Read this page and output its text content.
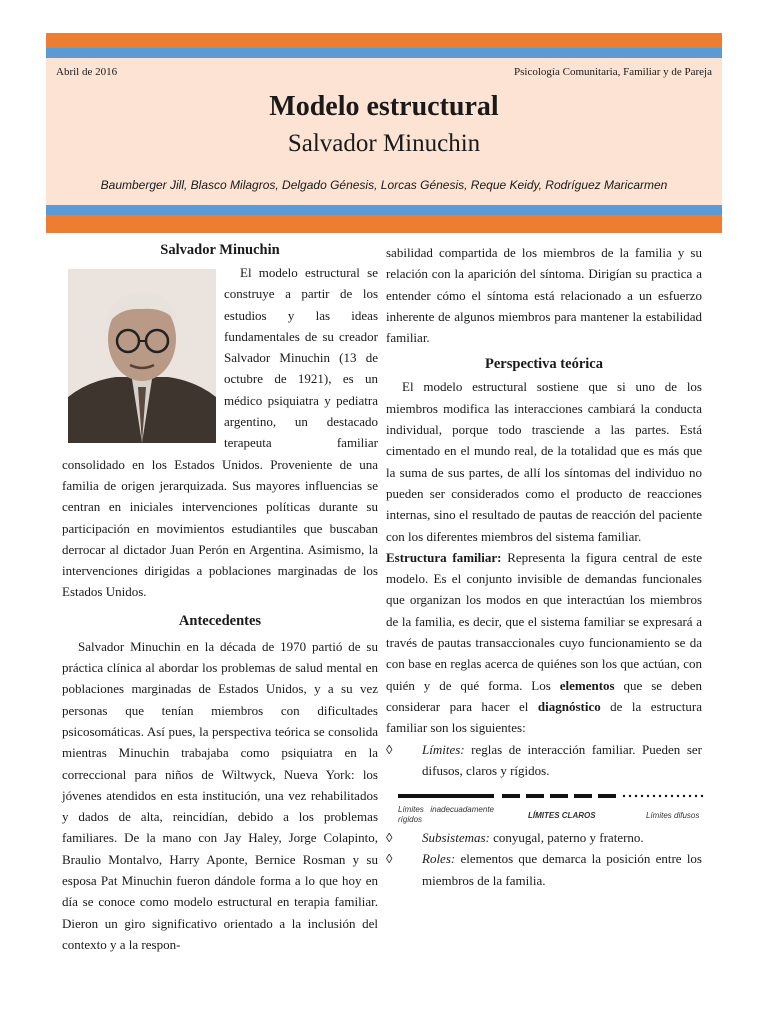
Abril de 2016	Psicología Comunitaria, Familiar y de Pareja
Modelo estructural
Salvador Minuchin
Baumberger Jill, Blasco Milagros, Delgado Génesis, Lorcas Génesis, Reque Keidy, Rodríguez Maricarmen
Salvador Minuchin

El modelo estructural se construye a partir de los estudios y las ideas fundamentales de su creador Salvador Minuchin (13 de octubre de 1921), es un médico psiquiatra y pediatra argentino, un destacado terapeuta familiar consolidado en los Estados Unidos. Proveniente de una familia de origen jerarquizada. Sus mayores influencias se centran en iniciales intervenciones políticas durante su participación en movimientos estudiantiles que buscaban derrocar al dictador Juan Perón en Argentina. Asimismo, la intervenciones dirigidas a poblaciones marginadas de los Estados Unidos.

Antecedentes

Salvador Minuchin en la década de 1970 partió de su práctica clínica al abordar los problemas de salud mental en poblaciones marginadas de Estados Unidos, y a su vez personas que tenían miembros con dificultades psicosomáticas. Así pues, la perspectiva teórica se consolida mientras Minuchin trabajaba como psiquiatra en la correccional para niños de Wiltwyck, Nueva York: los jóvenes atendidos en esta institución, una vez rehabilitados y dados de alta, reincidían, debido a los problemas familiares. De la mano con Jay Haley, Jorge Colapinto, Braulio Montalvo, Harry Aponte, Bernice Rosman y su esposa Pat Minuchin fueron dándole forma a lo que hoy en día se conoce como modelo estructural en terapia familiar. Dieron un giro significativo orientado a la inclusión del contexto y a la respon-

sabilidad compartida de los miembros de la familia y su relación con la aparición del síntoma. Dirigían su practica a entender cómo el síntoma está relacionado a un esfuerzo inherente de algunos miembros para mantener la estabilidad familiar.

Perspectiva teórica

El modelo estructural sostiene que si uno de los miembros modifica las interacciones cambiará la conducta individual, porque todo trasciende a las partes. Está cimentado en el mundo real, de la totalidad que es más que la suma de sus partes, de allí los síntomas del individuo no pueden ser considerados como el producto de reacciones internas, sino el resultado de pautas de reacción del paciente con los diferentes miembros del sistema familiar.

Estructura familiar: Representa la figura central de este modelo. Es el conjunto invisible de demandas funcionales que organizan los modos en que interactúan los miembros de la familia, es decir, que el sistema familiar se expresará a través de pautas transaccionales cuyo funcionamiento se da con base en reglas acerca de quiénes son los que actúan, con quién y de qué forma. Los elementos que se deben considerar para hacer el diagnóstico de la estructura familiar son los siguientes:

◊	Límites: reglas de interacción familiar. Pueden ser difusos, claros y rígidos.
Límites inadecuadamente rígidos	LÍMITES CLAROS	Límites difusos
◊	Subsistemas: conyugal, paterno y fraterno.
◊	Roles: elementos que demarca la posición entre los miembros de la familia.
